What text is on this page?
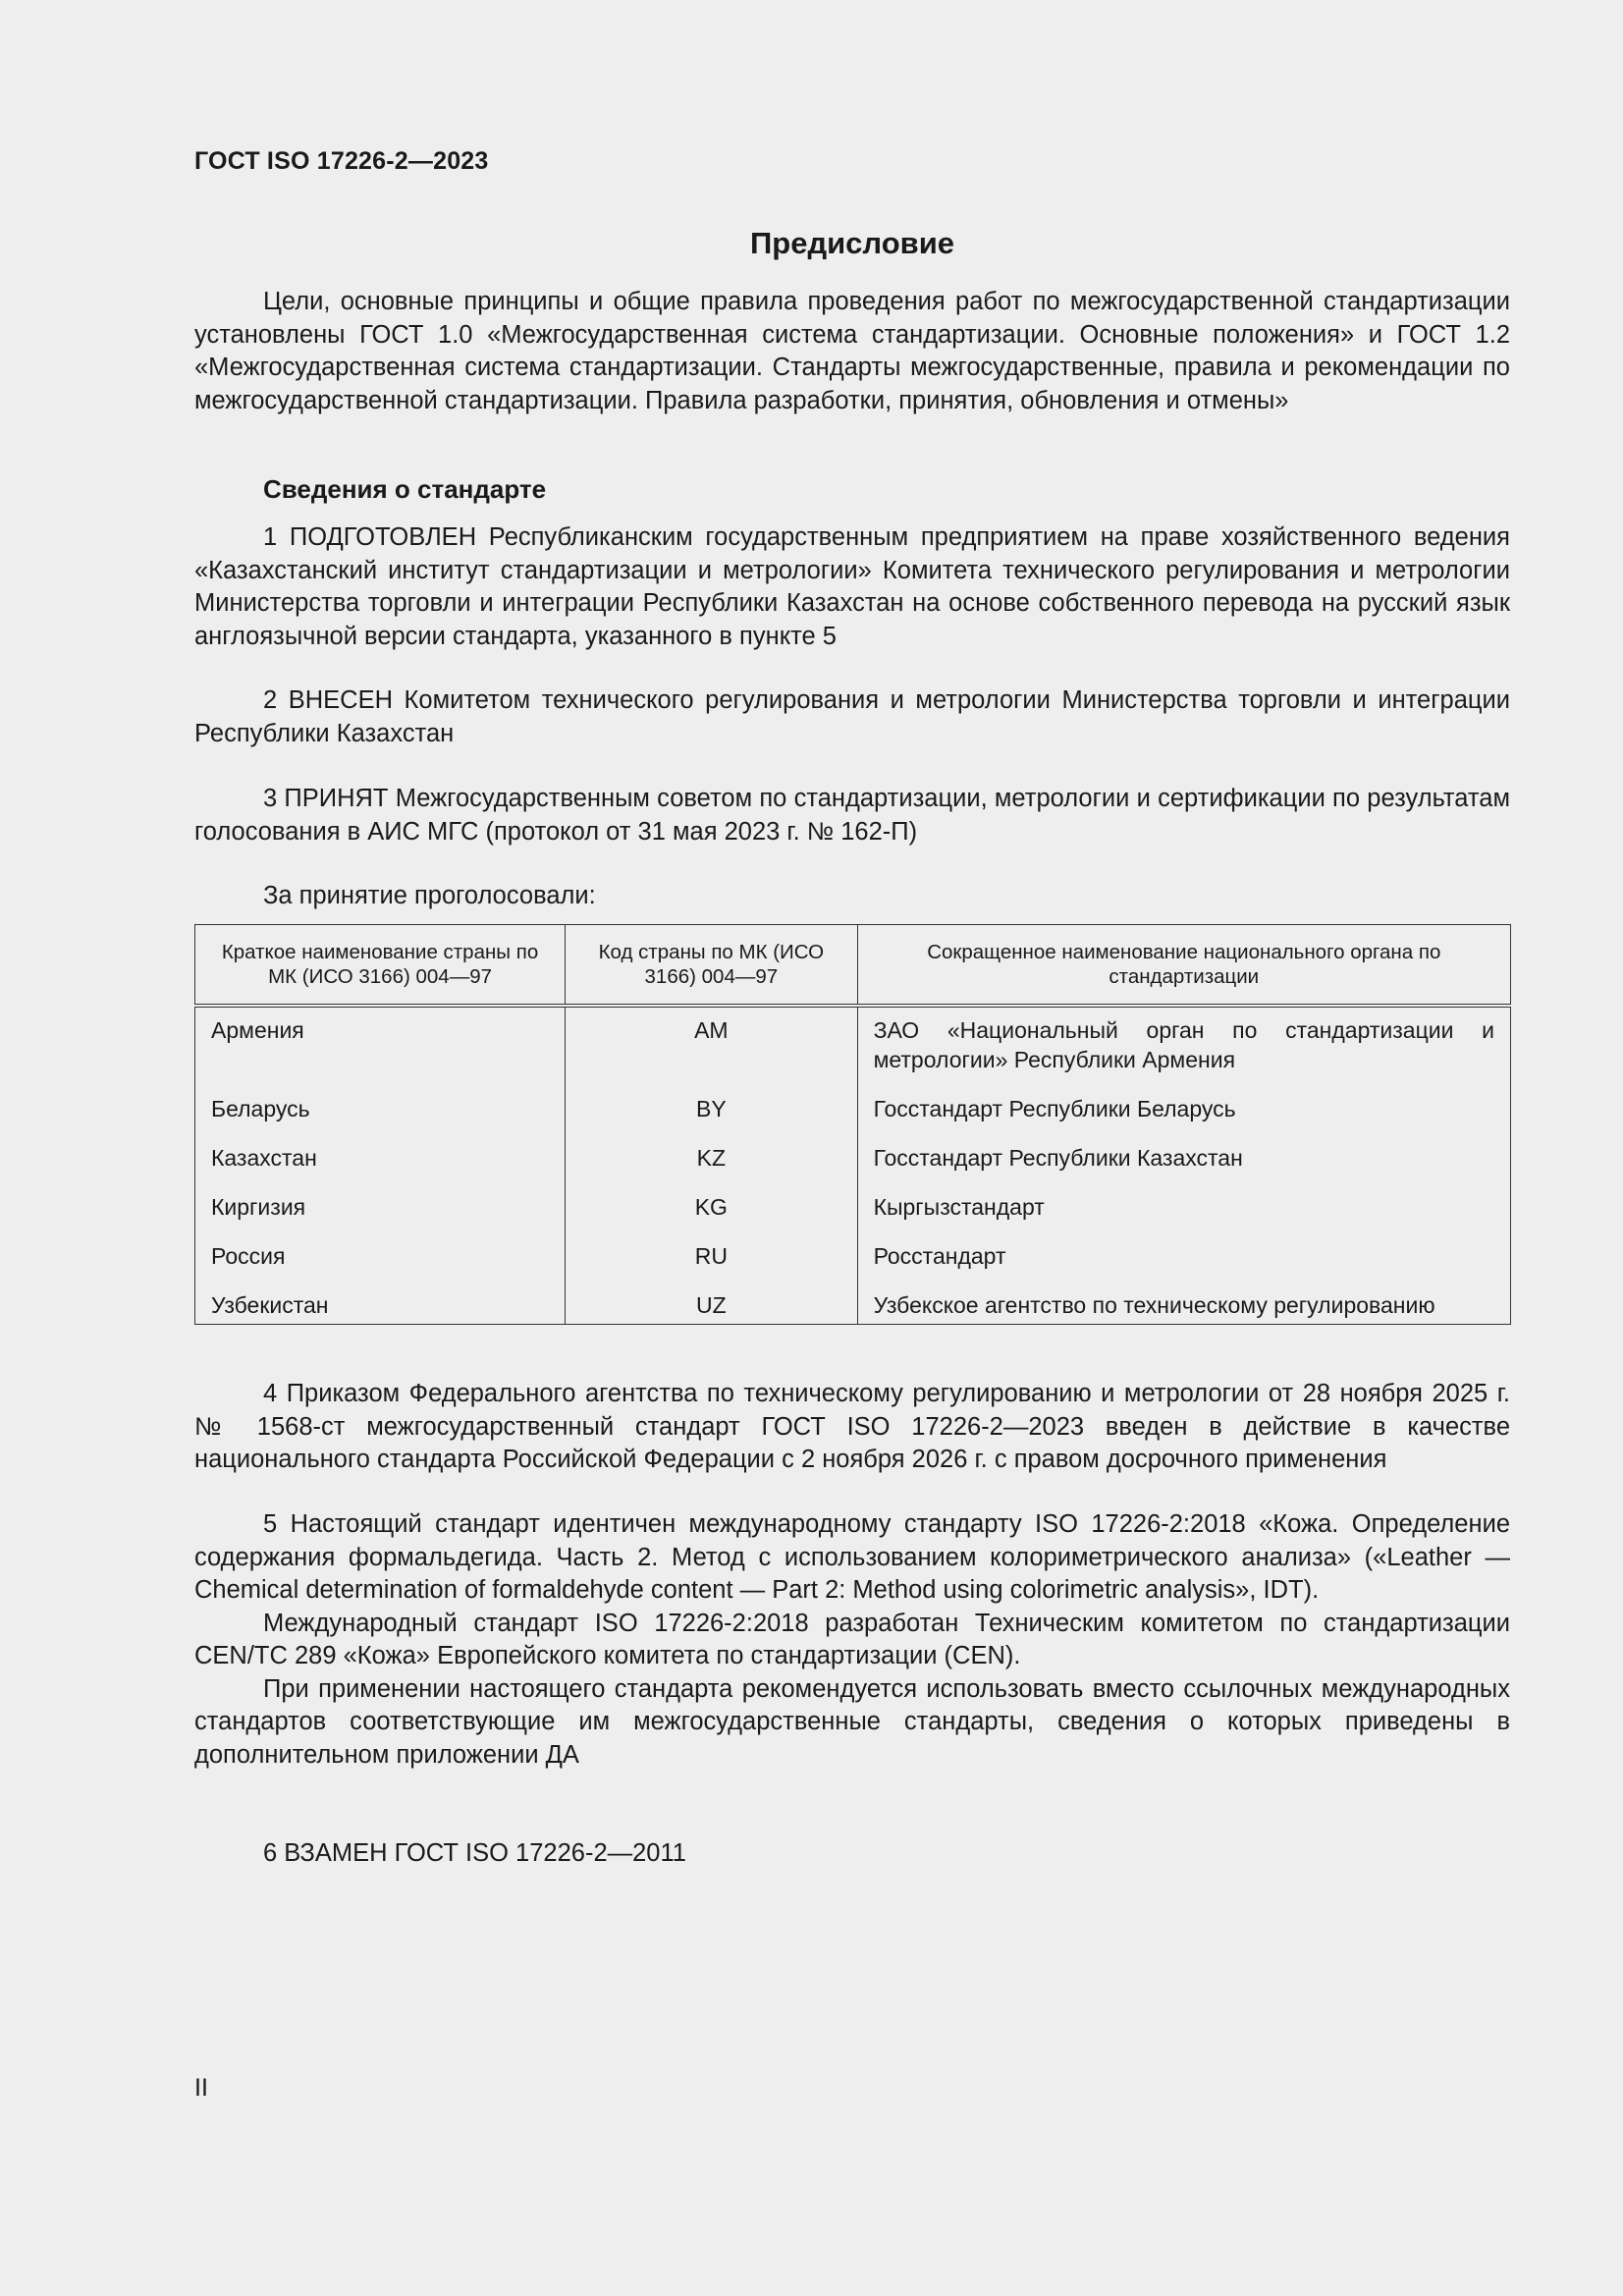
ГОСТ ISO 17226-2—2023
Предисловие

Цели, основные принципы и общие правила проведения работ по межгосударственной стандартизации установлены ГОСТ 1.0 «Межгосударственная система стандартизации. Основные положения» и ГОСТ 1.2 «Межгосударственная система стандартизации. Стандарты межгосударственные, правила и рекомендации по межгосударственной стандартизации. Правила разработки, принятия, обновления и отмены»

Сведения о стандарте

1 ПОДГОТОВЛЕН Республиканским государственным предприятием на праве хозяйственного ведения «Казахстанский институт стандартизации и метрологии» Комитета технического регулирования и метрологии Министерства торговли и интеграции Республики Казахстан на основе собственного перевода на русский язык англоязычной версии стандарта, указанного в пункте 5

2 ВНЕСЕН Комитетом технического регулирования и метрологии Министерства торговли и интеграции Республики Казахстан

3 ПРИНЯТ Межгосударственным советом по стандартизации, метрологии и сертификации по результатам голосования в АИС МГС (протокол от 31 мая 2023 г. № 162-П)

За принятие проголосовали:
Краткое наименование страны по МК (ИСО 3166) 004—97	Код страны по МК (ИСО 3166) 004—97	Сокращенное наименование национального органа по стандартизации
Армения	AM	ЗАО «Национальный орган по стандартизации и метрологии» Республики Армения
Беларусь	BY	Госстандарт Республики Беларусь
Казахстан	KZ	Госстандарт Республики Казахстан
Киргизия	KG	Кыргызстандарт
Россия	RU	Росстандарт
Узбекистан	UZ	Узбекское агентство по техническому регулированию

4 Приказом Федерального агентства по техническому регулированию и метрологии от 28 ноября 2025 г. № 1568-ст межгосударственный стандарт ГОСТ ISO 17226-2—2023 введен в действие в качестве национального стандарта Российской Федерации с 2 ноября 2026 г. с правом досрочного применения

5 Настоящий стандарт идентичен международному стандарту ISO 17226-2:2018 «Кожа. Определение содержания формальдегида. Часть 2. Метод с использованием колориметрического анализа» («Leather — Chemical determination of formaldehyde content — Part 2: Method using colorimetric analysis», IDT).

Международный стандарт ISO 17226-2:2018 разработан Техническим комитетом по стандартизации CEN/TC 289 «Кожа» Европейского комитета по стандартизации (CEN).

При применении настоящего стандарта рекомендуется использовать вместо ссылочных международных стандартов соответствующие им межгосударственные стандарты, сведения о которых приведены в дополнительном приложении ДА

6 ВЗАМЕН ГОСТ ISO 17226-2—2011

II
